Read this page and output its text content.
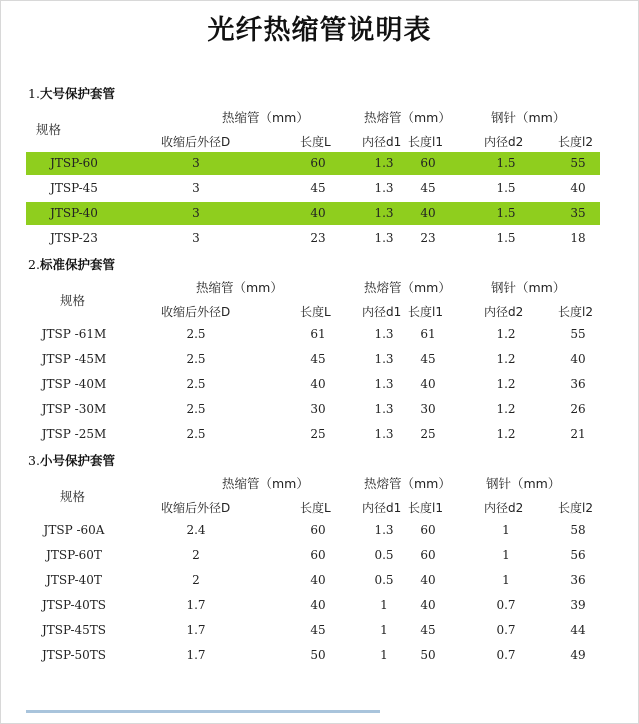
光纤热缩管说明表
1.大号保护套管
规格
热缩管（mm）	热熔管（mm）	钢针（mm）
收缩后外径D	长度L	内径d1 长度l1	内径d2	长度l2
JTSP-60	3	60	1.3	60	1.5	55
JTSP-45	3	45	1.3	45	1.5	40
JTSP-40	3	40	1.3	40	1.5	35
JTSP-23	3	23	1.3	23	1.5	18
2.标准保护套管
规格
热缩管（mm）	热熔管（mm）	钢针（mm）
收缩后外径D	长度L	内径d1 长度l1	内径d2	长度l2
JTSP -61M	2.5	61	1.3	61	1.2	55
JTSP -45M	2.5	45	1.3	45	1.2	40
JTSP -40M	2.5	40	1.3	40	1.2	36
JTSP -30M	2.5	30	1.3	30	1.2	26
JTSP -25M	2.5	25	1.3	25	1.2	21
3.小号保护套管
规格
热缩管（mm）	热熔管（mm）	钢针（mm）
收缩后外径D	长度L	内径d1 长度l1	内径d2	长度l2
JTSP -60A	2.4	60	1.3	60	1	58
JTSP-60T	2	60	0.5	60	1	56
JTSP-40T	2	40	0.5	40	1	36
JTSP-40TS	1.7	40	1	40	0.7	39
JTSP-45TS	1.7	45	1	45	0.7	44
JTSP-50TS	1.7	50	1	50	0.7	49
